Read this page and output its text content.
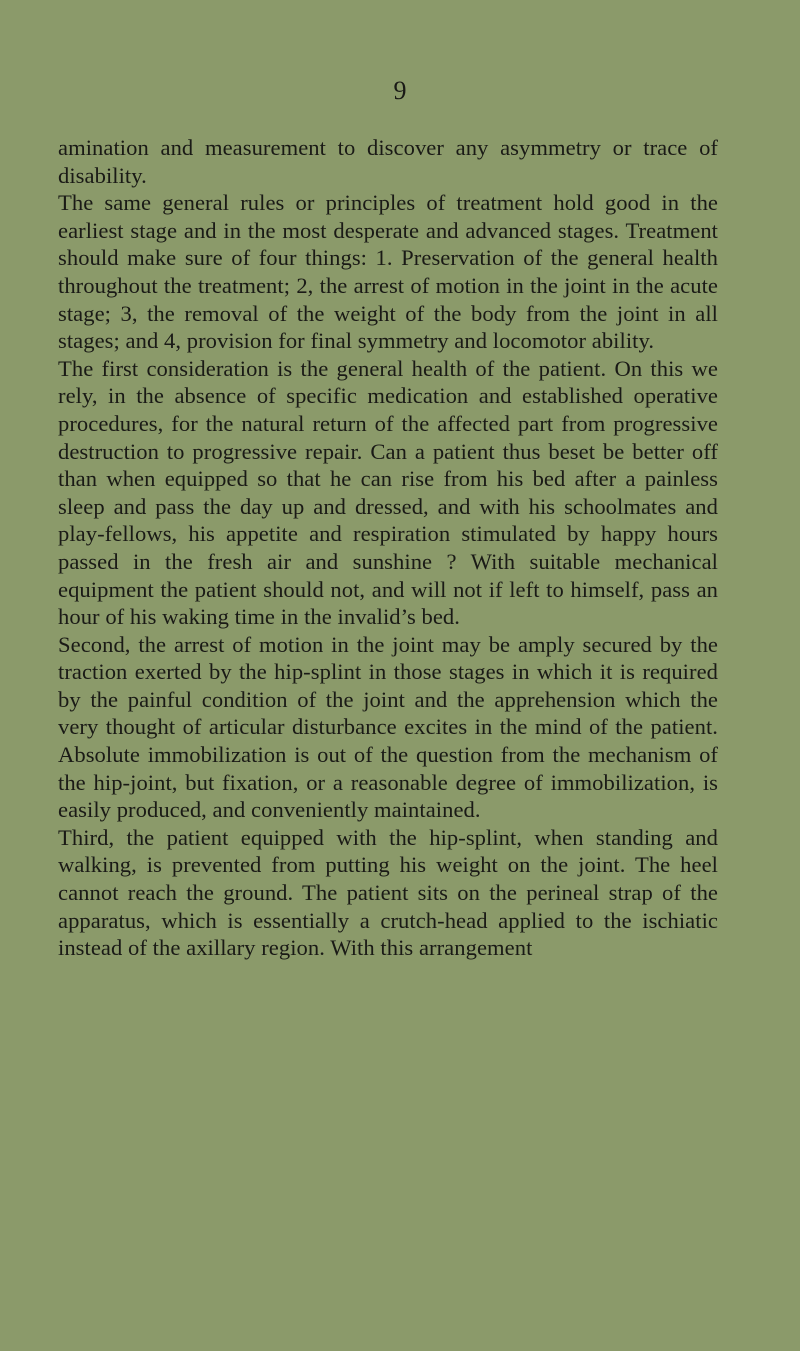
9

amination and measurement to discover any asymmetry or trace of disability.

The same general rules or principles of treatment hold good in the earliest stage and in the most desperate and advanced stages. Treatment should make sure of four things: 1. Preservation of the general health throughout the treatment; 2, the arrest of motion in the joint in the acute stage; 3, the removal of the weight of the body from the joint in all stages; and 4, provision for final symmetry and locomotor ability.

The first consideration is the general health of the patient. On this we rely, in the absence of specific medication and established operative procedures, for the natural return of the affected part from progressive destruction to progressive repair. Can a patient thus beset be better off than when equipped so that he can rise from his bed after a painless sleep and pass the day up and dressed, and with his schoolmates and play-fellows, his appetite and respiration stimulated by happy hours passed in the fresh air and sunshine ? With suitable mechanical equipment the patient should not, and will not if left to himself, pass an hour of his waking time in the invalid’s bed.

Second, the arrest of motion in the joint may be amply secured by the traction exerted by the hip-splint in those stages in which it is required by the painful condition of the joint and the apprehension which the very thought of articular disturbance excites in the mind of the patient. Absolute immobilization is out of the question from the mechanism of the hip-joint, but fixation, or a reasonable degree of immobilization, is easily produced, and conveniently maintained.

Third, the patient equipped with the hip-splint, when standing and walking, is prevented from putting his weight on the joint. The heel cannot reach the ground. The patient sits on the perineal strap of the apparatus, which is essentially a crutch-head applied to the ischiatic instead of the axillary region. With this arrangement
